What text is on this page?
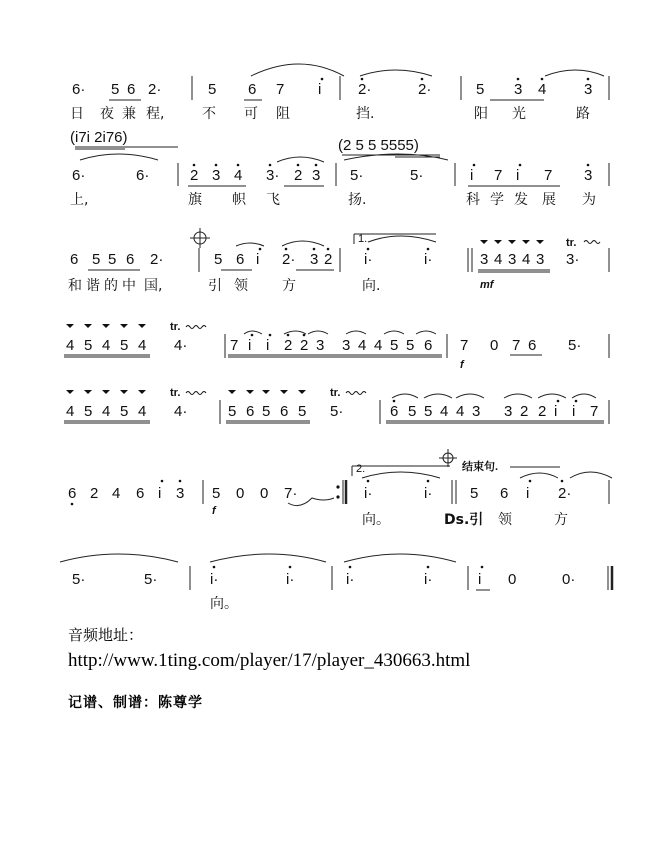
6· 5 6 2·	5 6 7 i 2·	2·	5 3 4	3
日 夜 兼 程,	不 可 阻	挡.	阳 光	路
(i7i 2i76)	(2 5 5 5555)
6·	6·	2 3 4 3· 2 3 5·	5·	i 7 i 7 3
上,	旗 帜 飞	扬.	科 学 发 展 为
1.	tr.
mf
6 5 5 6 2·	5 6 i 2· 3 2 i·	i·	3 4 3 4 3 3·
和 谐 的 中 国,	引 领 方	向.
tr.
f
4 5 4 5 4 4·	7 i i 2 2 3 3 4 4 5 5 6 7 0 7 6 5·
tr.	tr.
4 5 4 5 4 4·	5 6 5 6 5 5·	6 5 5 4 4 3 3 2 2 i i 7
2.	结束句.
f
6 2 4 6 i 3 5 0 0 7·	i·	i·	5 6 i 2·
向。	Ds.引 领	方
5·	5·	i·	i·	i·	i·	i 0	0·
向。
音频地址：
http://www.1ting.com/player/17/player_430663.html
记谱、制谱：陈尊学
